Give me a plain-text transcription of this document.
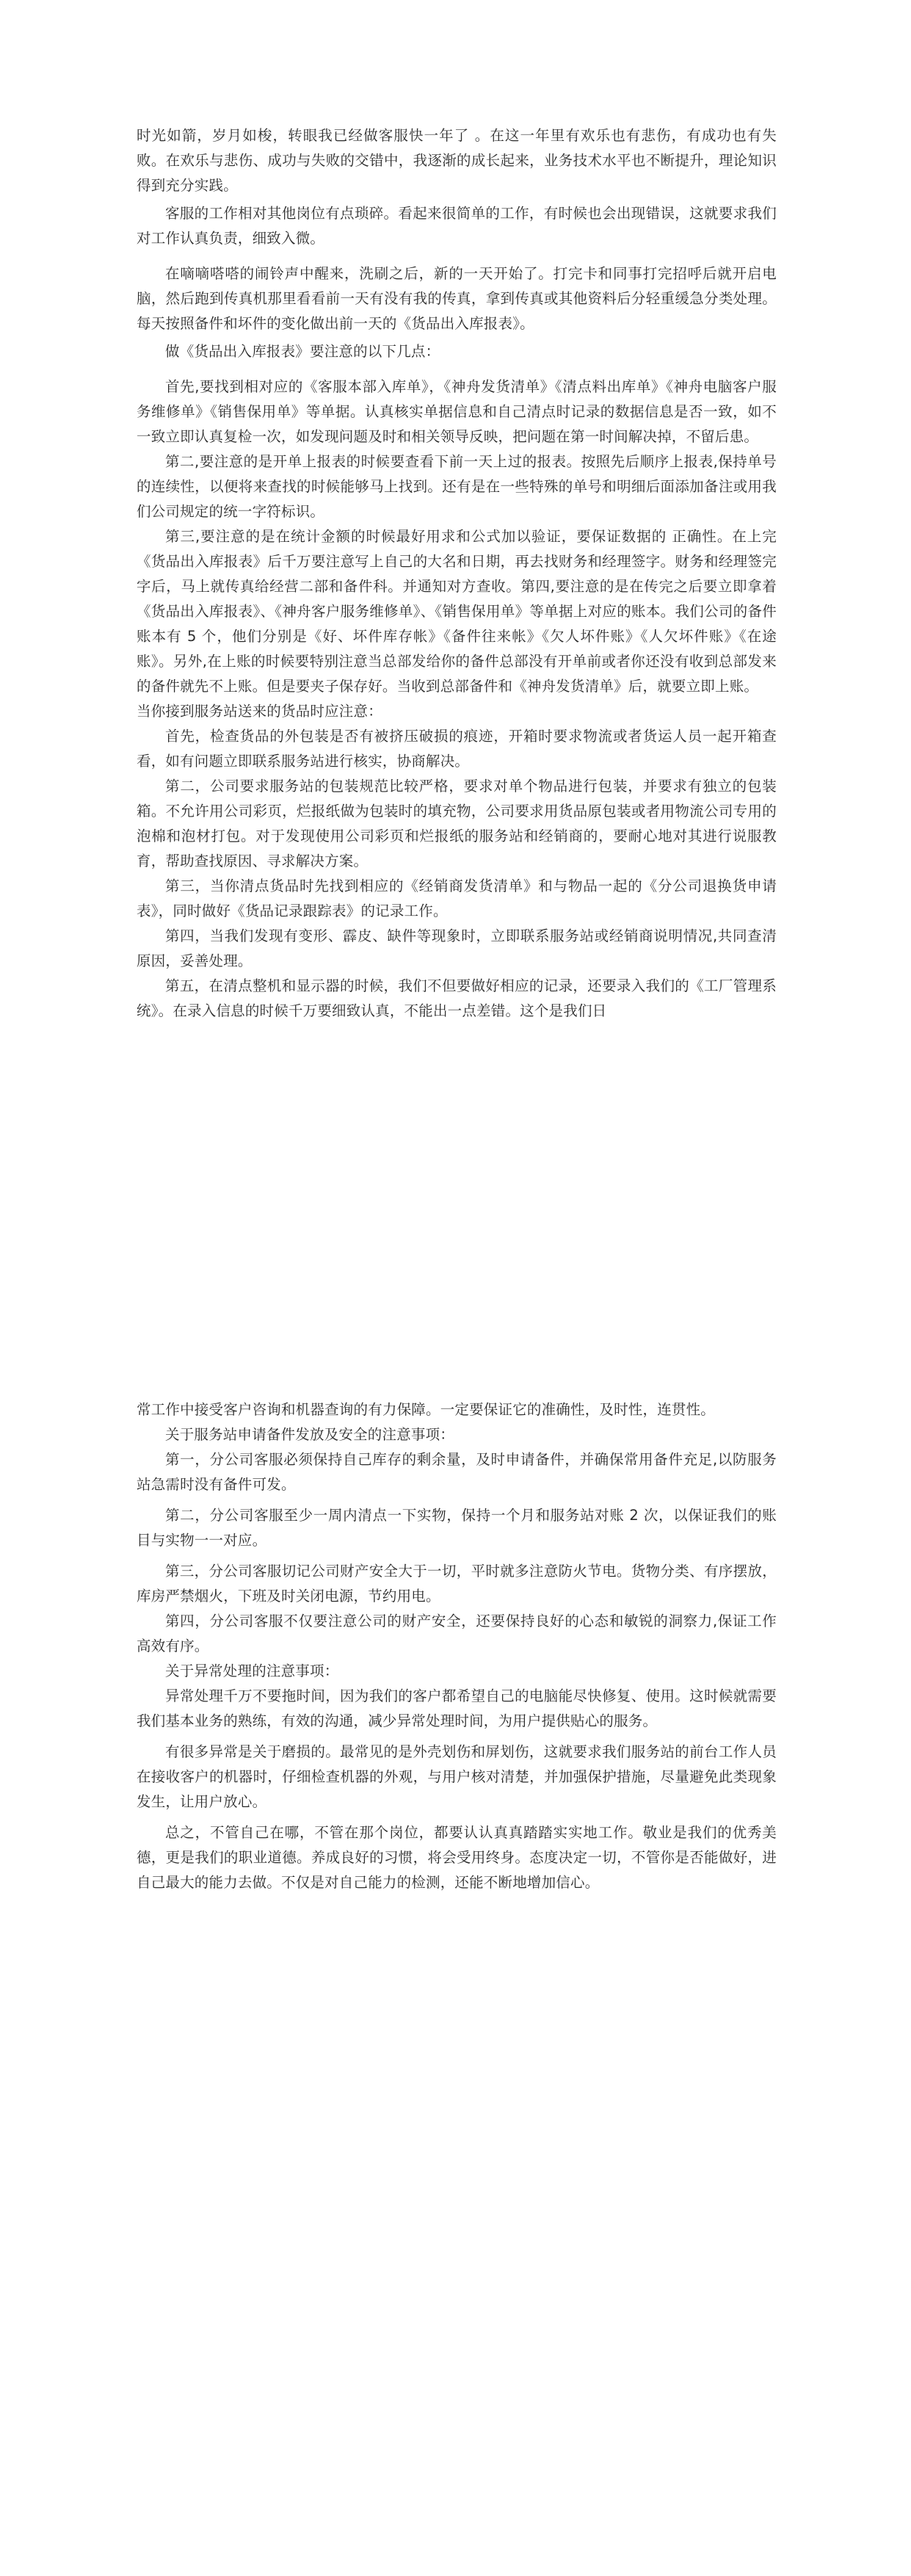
时光如箭，岁月如梭，转眼我已经做客服快一年了 。在这一年里有欢乐也有悲伤，有成功也有失败。在欢乐与悲伤、成功与失败的交错中，我逐渐的成长起来，业务技术水平也不断提升，理论知识得到充分实践。

客服的工作相对其他岗位有点琐碎。看起来很简单的工作，有时候也会出现错误，这就要求我们对工作认真负责，细致入微。

在嘀嘀嗒嗒的闹铃声中醒来，洗刷之后，新的一天开始了。打完卡和同事打完招呼后就开启电脑，然后跑到传真机那里看看前一天有没有我的传真，拿到传真或其他资料后分轻重缓急分类处理。每天按照备件和坏件的变化做出前一天的《货品出入库报表》。

做《货品出入库报表》要注意的以下几点：

首先,要找到相对应的《客服本部入库单》，《神舟发货清单》《清点料出库单》《神舟电脑客户服务维修单》《销售保用单》等单据。认真核实单据信息和自己清点时记录的数据信息是否一致，如不一致立即认真复检一次，如发现问题及时和相关领导反映，把问题在第一时间解决掉，不留后患。

第二,要注意的是开单上报表的时候要查看下前一天上过的报表。按照先后顺序上报表,保持单号的连续性，以便将来查找的时候能够马上找到。还有是在一些特殊的单号和明细后面添加备注或用我们公司规定的统一字符标识。

第三,要注意的是在统计金额的时候最好用求和公式加以验证，要保证数据的 正确性。在上完《货品出入库报表》后千万要注意写上自己的大名和日期，再去找财务和经理签字。财务和经理签完字后，马上就传真给经营二部和备件科。并通知对方查收。第四,要注意的是在传完之后要立即拿着《货品出入库报表》、《神舟客户服务维修单》、《销售保用单》等单据上对应的账本。我们公司的备件账本有 5 个，他们分别是《好、坏件库存帐》《备件往来帐》《欠人坏件账》《人欠坏件账》《在途账》。另外,在上账的时候要特别注意当总部发给你的备件总部没有开单前或者你还没有收到总部发来的备件就先不上账。但是要夹子保存好。当收到总部备件和《神舟发货清单》后，就要立即上账。

当你接到服务站送来的货品时应注意：

首先，检查货品的外包装是否有被挤压破损的痕迹，开箱时要求物流或者货运人员一起开箱查看，如有问题立即联系服务站进行核实，协商解决。

第二，公司要求服务站的包装规范比较严格，要求对单个物品进行包装，并要求有独立的包装箱。不允许用公司彩页，烂报纸做为包装时的填充物，公司要求用货品原包装或者用物流公司专用的泡棉和泡材打包。对于发现使用公司彩页和烂报纸的服务站和经销商的，要耐心地对其进行说服教育，帮助查找原因、寻求解决方案。

第三，当你清点货品时先找到相应的《经销商发货清单》和与物品一起的《分公司退换货申请表》，同时做好《货品记录跟踪表》的记录工作。

第四，当我们发现有变形、霹皮、缺件等现象时，立即联系服务站或经销商说明情况,共同查清原因，妥善处理。

第五，在清点整机和显示器的时候，我们不但要做好相应的记录，还要录入我们的《工厂管理系统》。在录入信息的时候千万要细致认真，不能出一点差错。这个是我们日

常工作中接受客户咨询和机器查询的有力保障。一定要保证它的准确性，及时性，连贯性。

关于服务站申请备件发放及安全的注意事项：

第一，分公司客服必须保持自己库存的剩余量，及时申请备件，并确保常用备件充足,以防服务站急需时没有备件可发。

第二，分公司客服至少一周内清点一下实物，保持一个月和服务站对账 2 次，以保证我们的账目与实物一一对应。

第三，分公司客服切记公司财产安全大于一切，平时就多注意防火节电。货物分类、有序摆放，库房严禁烟火，下班及时关闭电源，节约用电。

第四，分公司客服不仅要注意公司的财产安全，还要保持良好的心态和敏锐的洞察力,保证工作高效有序。

关于异常处理的注意事项：

异常处理千万不要拖时间，因为我们的客户都希望自己的电脑能尽快修复、使用。这时候就需要我们基本业务的熟练，有效的沟通，减少异常处理时间，为用户提供贴心的服务。

有很多异常是关于磨损的。最常见的是外壳划伤和屏划伤，这就要求我们服务站的前台工作人员在接收客户的机器时，仔细检查机器的外观，与用户核对清楚，并加强保护措施，尽量避免此类现象发生，让用户放心。

总之，不管自己在哪，不管在那个岗位，都要认认真真踏踏实实地工作。敬业是我们的优秀美德，更是我们的职业道德。养成良好的习惯，将会受用终身。态度决定一切，不管你是否能做好，进自己最大的能力去做。不仅是对自己能力的检测，还能不断地增加信心。
